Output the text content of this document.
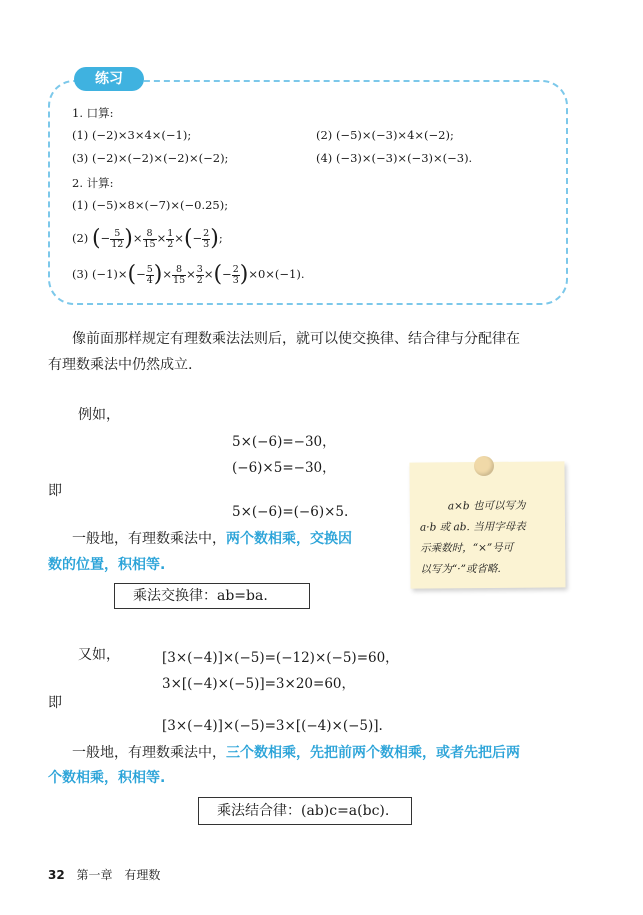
练习
1. 口算:
(1) (−2)×3×4×(−1);	(2) (−5)×(−3)×4×(−2);
(3) (−2)×(−2)×(−2)×(−2);	(4) (−3)×(−3)×(−3)×(−3).
2. 计算:
(1) (−5)×8×(−7)×(−0.25);
(2) (− $\frac{5}{12}$ )× $\frac{8}{15} \times \frac{1}{2}$ ×(− $\frac{2}{3}$ );
(3) $(-1)\times(- \frac{5}{4}$ )× $\frac{8}{15} \times \frac{3}{2}$ ×(− $\frac{2}{3} )\times 0\times(-1)$.
像前面那样规定有理数乘法法则后，就可以使交换律、结合律与分配律在
有理数乘法中仍然成立.
例如，
5×(−6)=−30，
(−6)×5=−30，
即
5×(−6)=(−6)×5.
一般地，有理数乘法中，两个数相乘，交换因
数的位置，积相等.
乘法交换律：ab=ba.
a×b 也可以写为
a·b 或 ab. 当用字母表
示乘数时，“×”号可
以写为“·”或省略.
又如，	[3×(−4)]×(−5)=(−12)×(−5)=60，
3×[(−4)×(−5)]=3×20=60，
即
[3×(−4)]×(−5)=3×[(−4)×(−5)].
一般地，有理数乘法中，三个数相乘，先把前两个数相乘，或者先把后两
个数相乘，积相等.
乘法结合律：(ab)c=a(bc).
32 第一章 有理数
